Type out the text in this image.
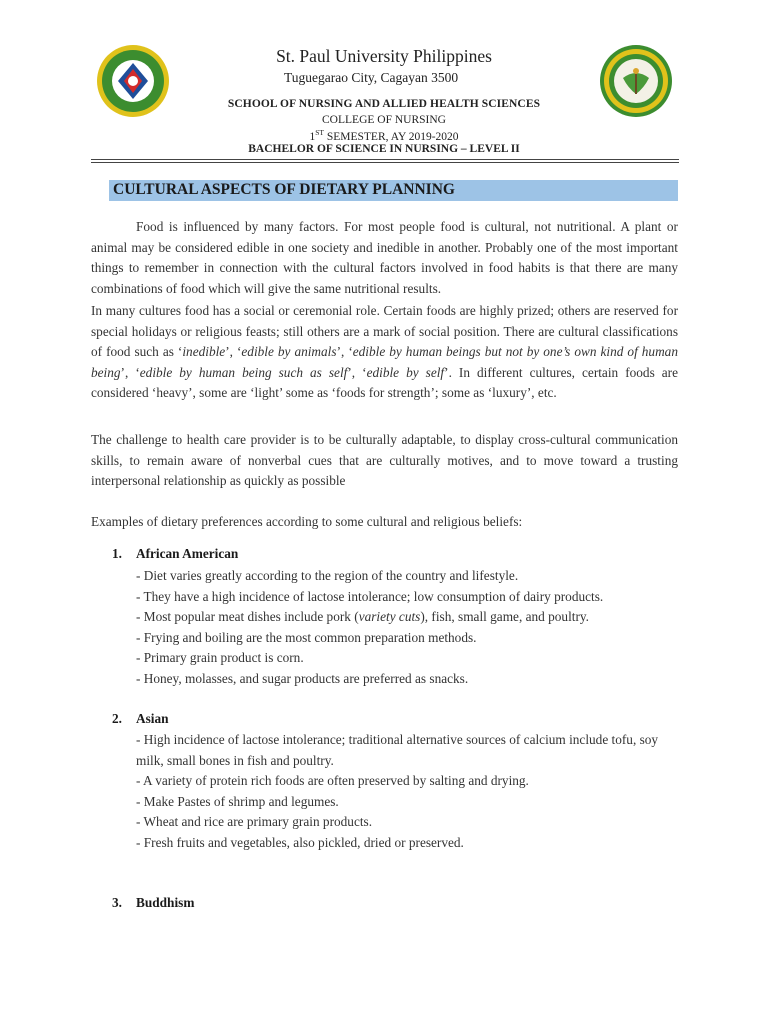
St. Paul University Philippines
Tuguegarao City, Cagayan 3500
SCHOOL OF NURSING AND ALLIED HEALTH SCIENCES
COLLEGE OF NURSING
1ST SEMESTER, AY 2019-2020
BACHELOR OF SCIENCE IN NURSING – LEVEL II
CULTURAL ASPECTS OF DIETARY PLANNING
Food is influenced by many factors. For most people food is cultural, not nutritional. A plant or animal may be considered edible in one society and inedible in another. Probably one of the most important things to remember in connection with the cultural factors involved in food habits is that there are many combinations of food which will give the same nutritional results.
In many cultures food has a social or ceremonial role. Certain foods are highly prized; others are reserved for special holidays or religious feasts; still others are a mark of social position. There are cultural classifications of food such as ‘inedible’, ‘edible by animals’, ‘edible by human beings but not by one’s own kind of human being’, ‘edible by human being such as self’, ‘edible by self’. In different cultures, certain foods are considered ‘heavy’, some are ‘light’ some as ‘foods for strength’; some as ‘luxury’, etc.
The challenge to health care provider is to be culturally adaptable, to display cross-cultural communication skills, to remain aware of nonverbal cues that are culturally motives, and to move toward a trusting interpersonal relationship as quickly as possible
Examples of dietary preferences according to some cultural and religious beliefs:
1. African American
- Diet varies greatly according to the region of the country and lifestyle.
- They have a high incidence of lactose intolerance; low consumption of dairy products.
- Most popular meat dishes include pork (variety cuts), fish, small game, and poultry.
- Frying and boiling are the most common preparation methods.
- Primary grain product is corn.
- Honey, molasses, and sugar products are preferred as snacks.
2. Asian
- High incidence of lactose intolerance; traditional alternative sources of calcium include tofu, soy milk, small bones in fish and poultry.
- A variety of protein rich foods are often preserved by salting and drying.
- Make Pastes of shrimp and legumes.
- Wheat and rice are primary grain products.
- Fresh fruits and vegetables, also pickled, dried or preserved.
3. Buddhism
